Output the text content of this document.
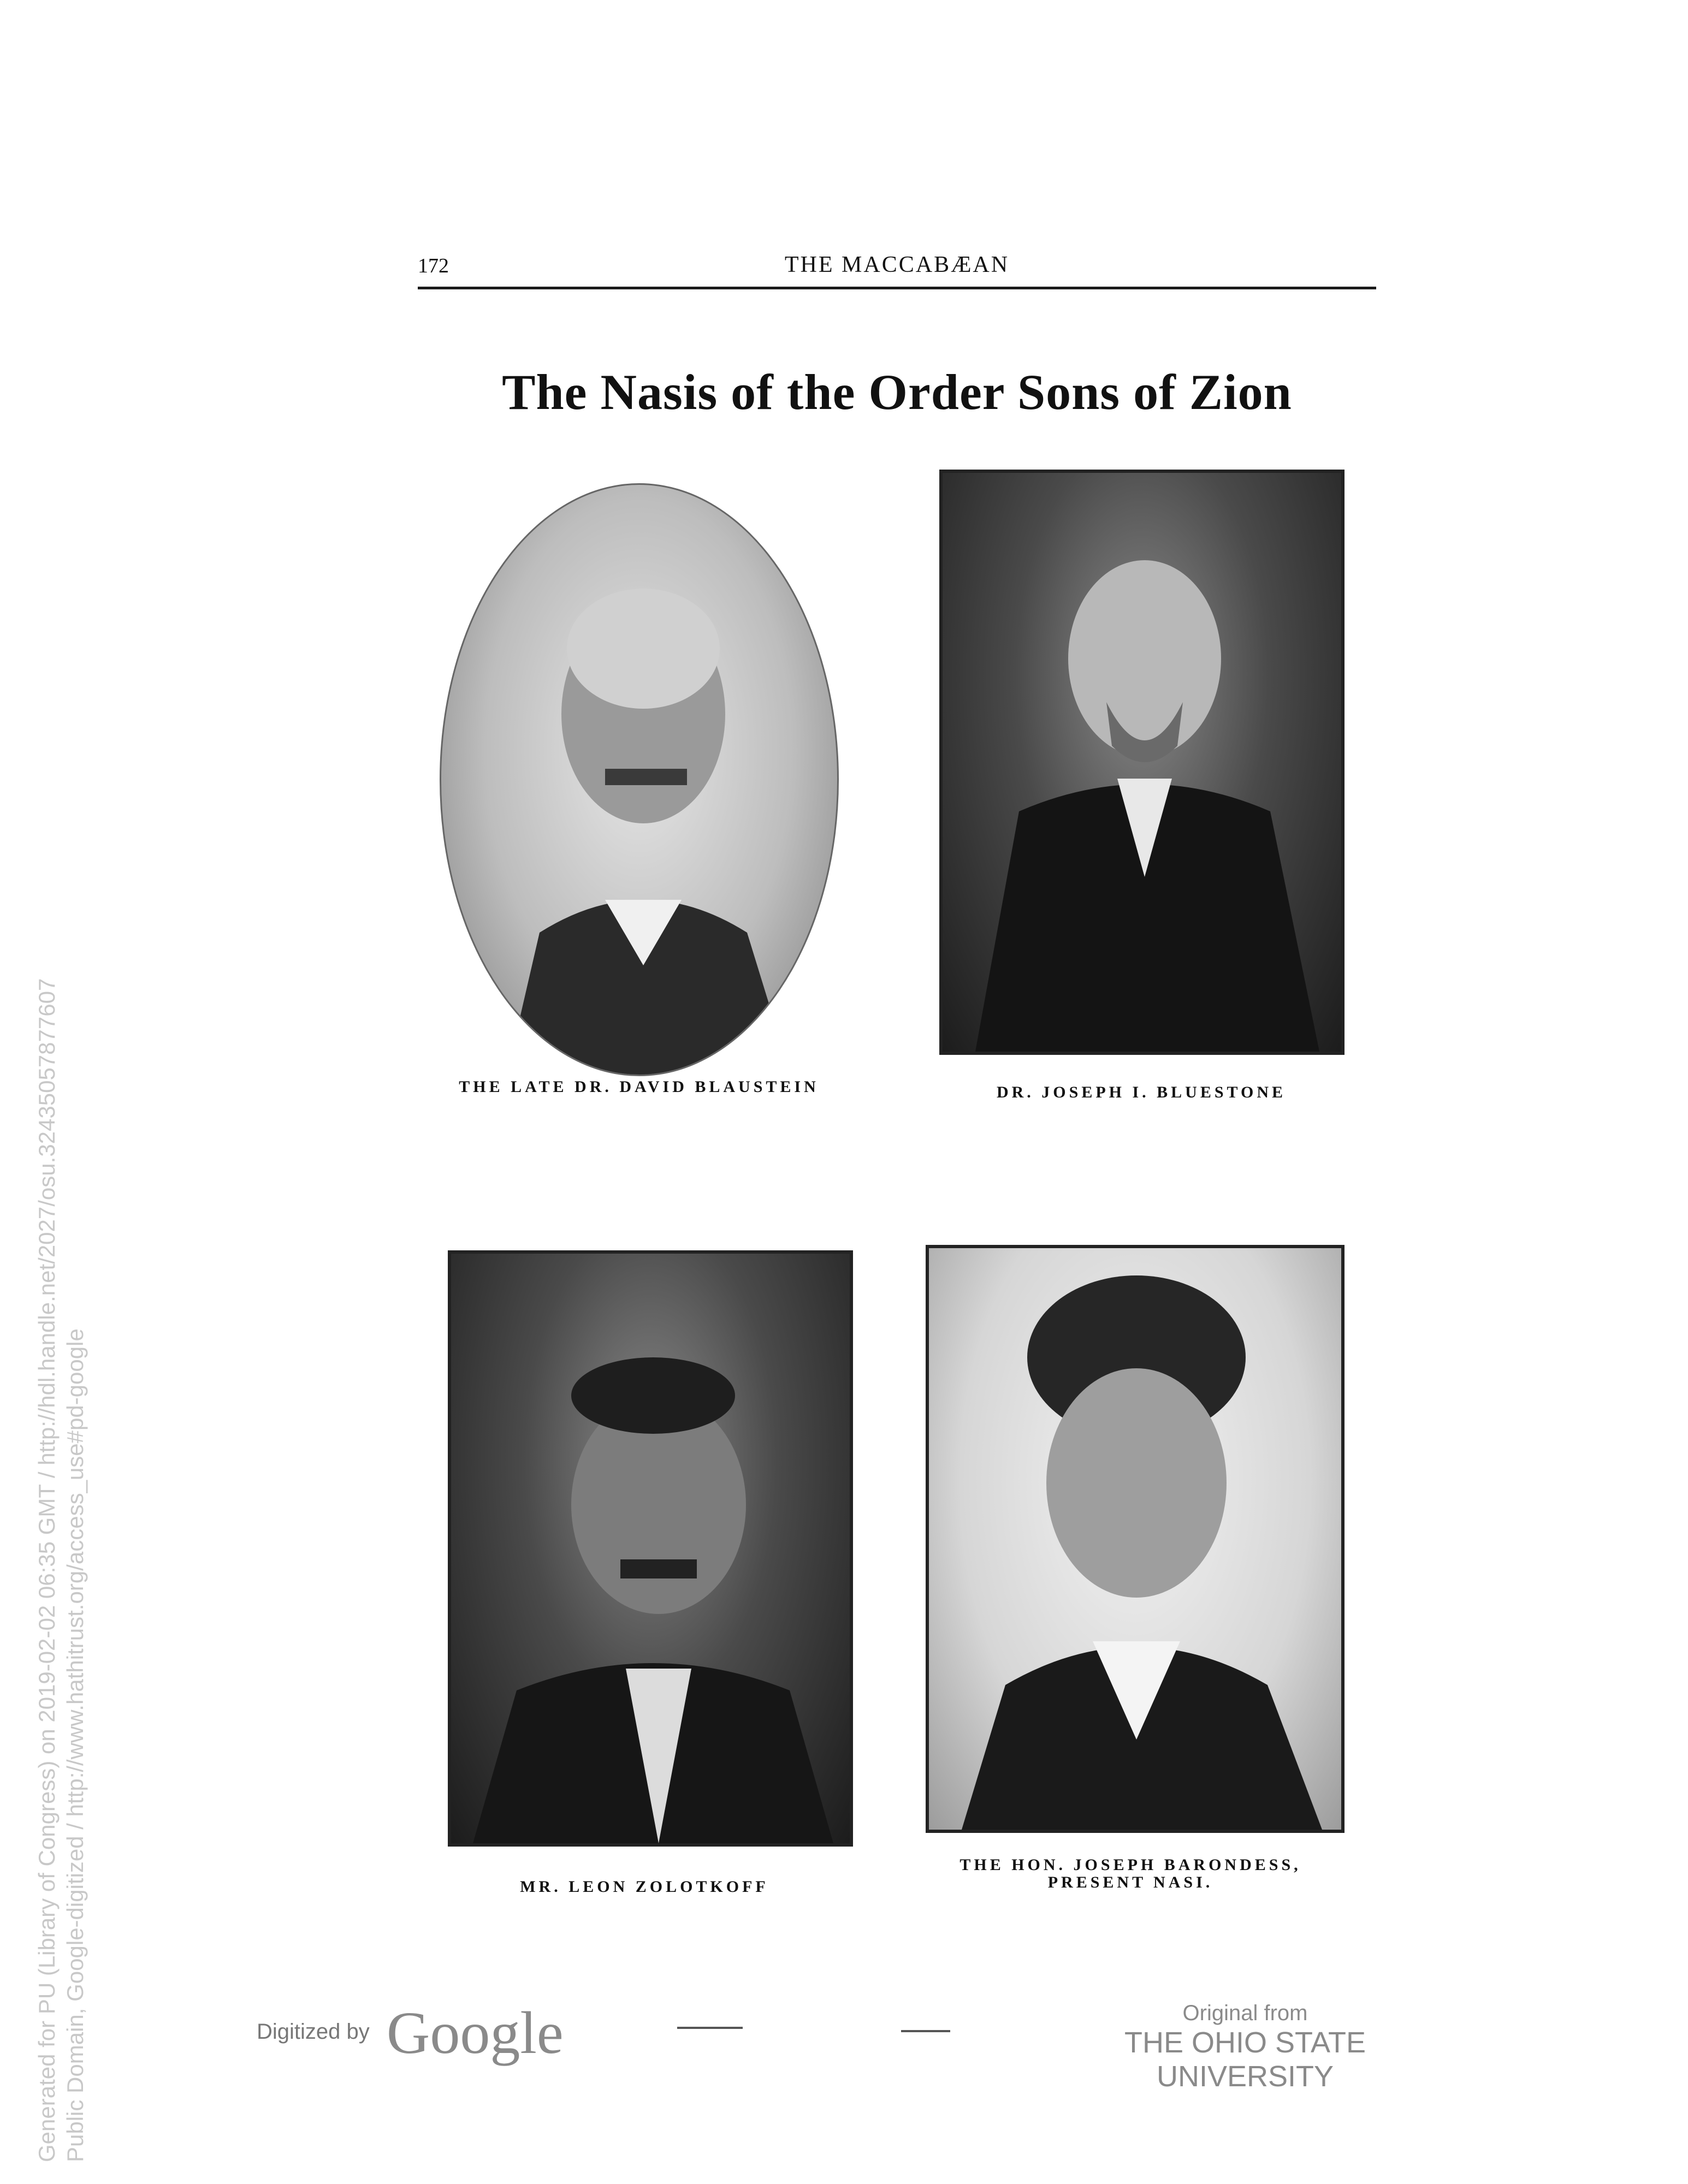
172	THE MACCABÆAN
The Nasis of the Order Sons of Zion
THE LATE DR. DAVID BLAUSTEIN	DR. JOSEPH I. BLUESTONE
MR. LEON ZOLOTKOFF
THE HON. JOSEPH BARONDESS,
PRESENT NASI.
Digitized by Google	Original from
THE OHIO STATE UNIVERSITY
Generated for PU (Library of Congress) on 2019-02-02 06:35 GMT / http://hdl.handle.net/2027/osu.32435057877607 Public Domain, Google-digitized / http://www.hathitrust.org/access_use#pd-google
